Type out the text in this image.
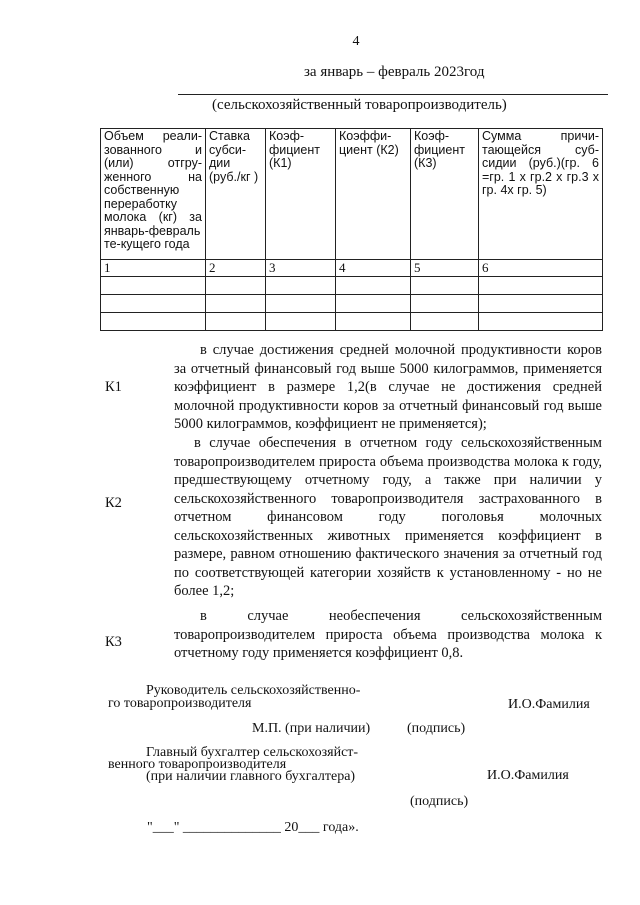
4
за январь – февраль 2023год
(сельскохозяйственный товаропроизводитель)
Объем реали-зованного и (или) отгру-женного на собственную переработку молока (кг) за январь-февраль те-кущего года	Ставка субси-дии (руб./кг )	Коэф-фициент (К1)	Коэффи-циент (К2)	Коэф-фициент (К3)	Сумма причи-тающейся суб-сидии (руб.)(гр. 6 =гр. 1 х гр.2 х гр.3 х гр. 4х гр. 5)
1	2	3	4	5	6

в случае достижения средней молочной продуктивности коров за отчетный финансовый год выше 5000 килограммов, применяется коэффициент в размере 1,2(в случае не достижения средней молочной продуктивности коров за отчетный финансовый год выше 5000 килограммов, коэффициент не применяется);
К1
в случае обеспечения в отчетном году сельскохозяйственным товаропроизводителем прироста объема производства молока к году, предшествующему отчетному году, а также при наличии у сельскохозяйственного товаропроизводителя застрахованного в отчетном финансовом году поголовья молочных сельскохозяйственных животных применяется коэффициент в размере, равном отношению фактического значения за отчетный год по соответствующей категории хозяйств к установленному - но не более 1,2;
К2
в случае необеспечения сельскохозяйственным товаропроизводителем прироста объема производства молока к отчетному году применяется коэффициент 0,8.
К3
Руководитель сельскохозяйственно-
го товаропроизводителя	И.О.Фамилия
М.П. (при наличии)	(подпись)
Главный бухгалтер сельскохозяйст-
венного товаропроизводителя
(при наличии главного бухгалтера)	И.О.Фамилия
(подпись)
"___" ______________ 20___ года».
